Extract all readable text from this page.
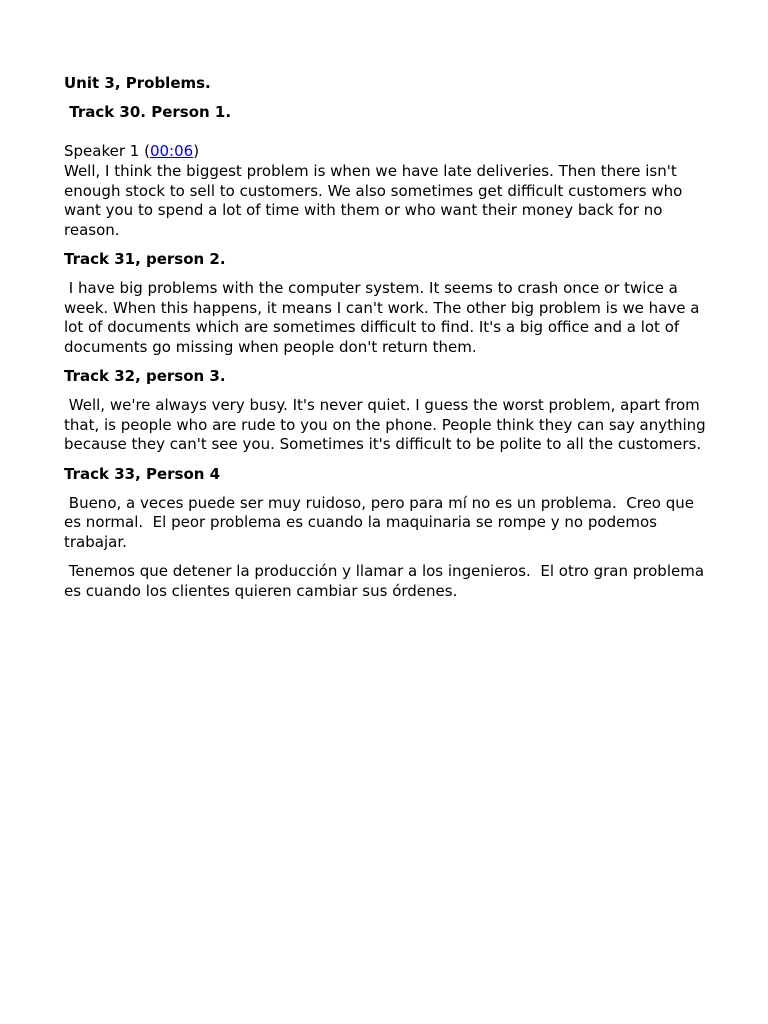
Unit 3, Problems.
Track 30. Person 1.
Speaker 1 (00:06)
Well, I think the biggest problem is when we have late deliveries. Then there isn't enough stock to sell to customers. We also sometimes get difficult customers who want you to spend a lot of time with them or who want their money back for no reason.
Track 31, person 2.
I have big problems with the computer system. It seems to crash once or twice a week. When this happens, it means I can't work. The other big problem is we have a lot of documents which are sometimes difficult to find. It's a big office and a lot of documents go missing when people don't return them.
Track 32, person 3.
Well, we're always very busy. It's never quiet. I guess the worst problem, apart from that, is people who are rude to you on the phone. People think they can say anything because they can't see you. Sometimes it's difficult to be polite to all the customers.
Track 33, Person 4
Bueno, a veces puede ser muy ruidoso, pero para mí no es un problema.  Creo que es normal.  El peor problema es cuando la maquinaria se rompe y no podemos trabajar.
Tenemos que detener la producción y llamar a los ingenieros.  El otro gran problema es cuando los clientes quieren cambiar sus órdenes.
